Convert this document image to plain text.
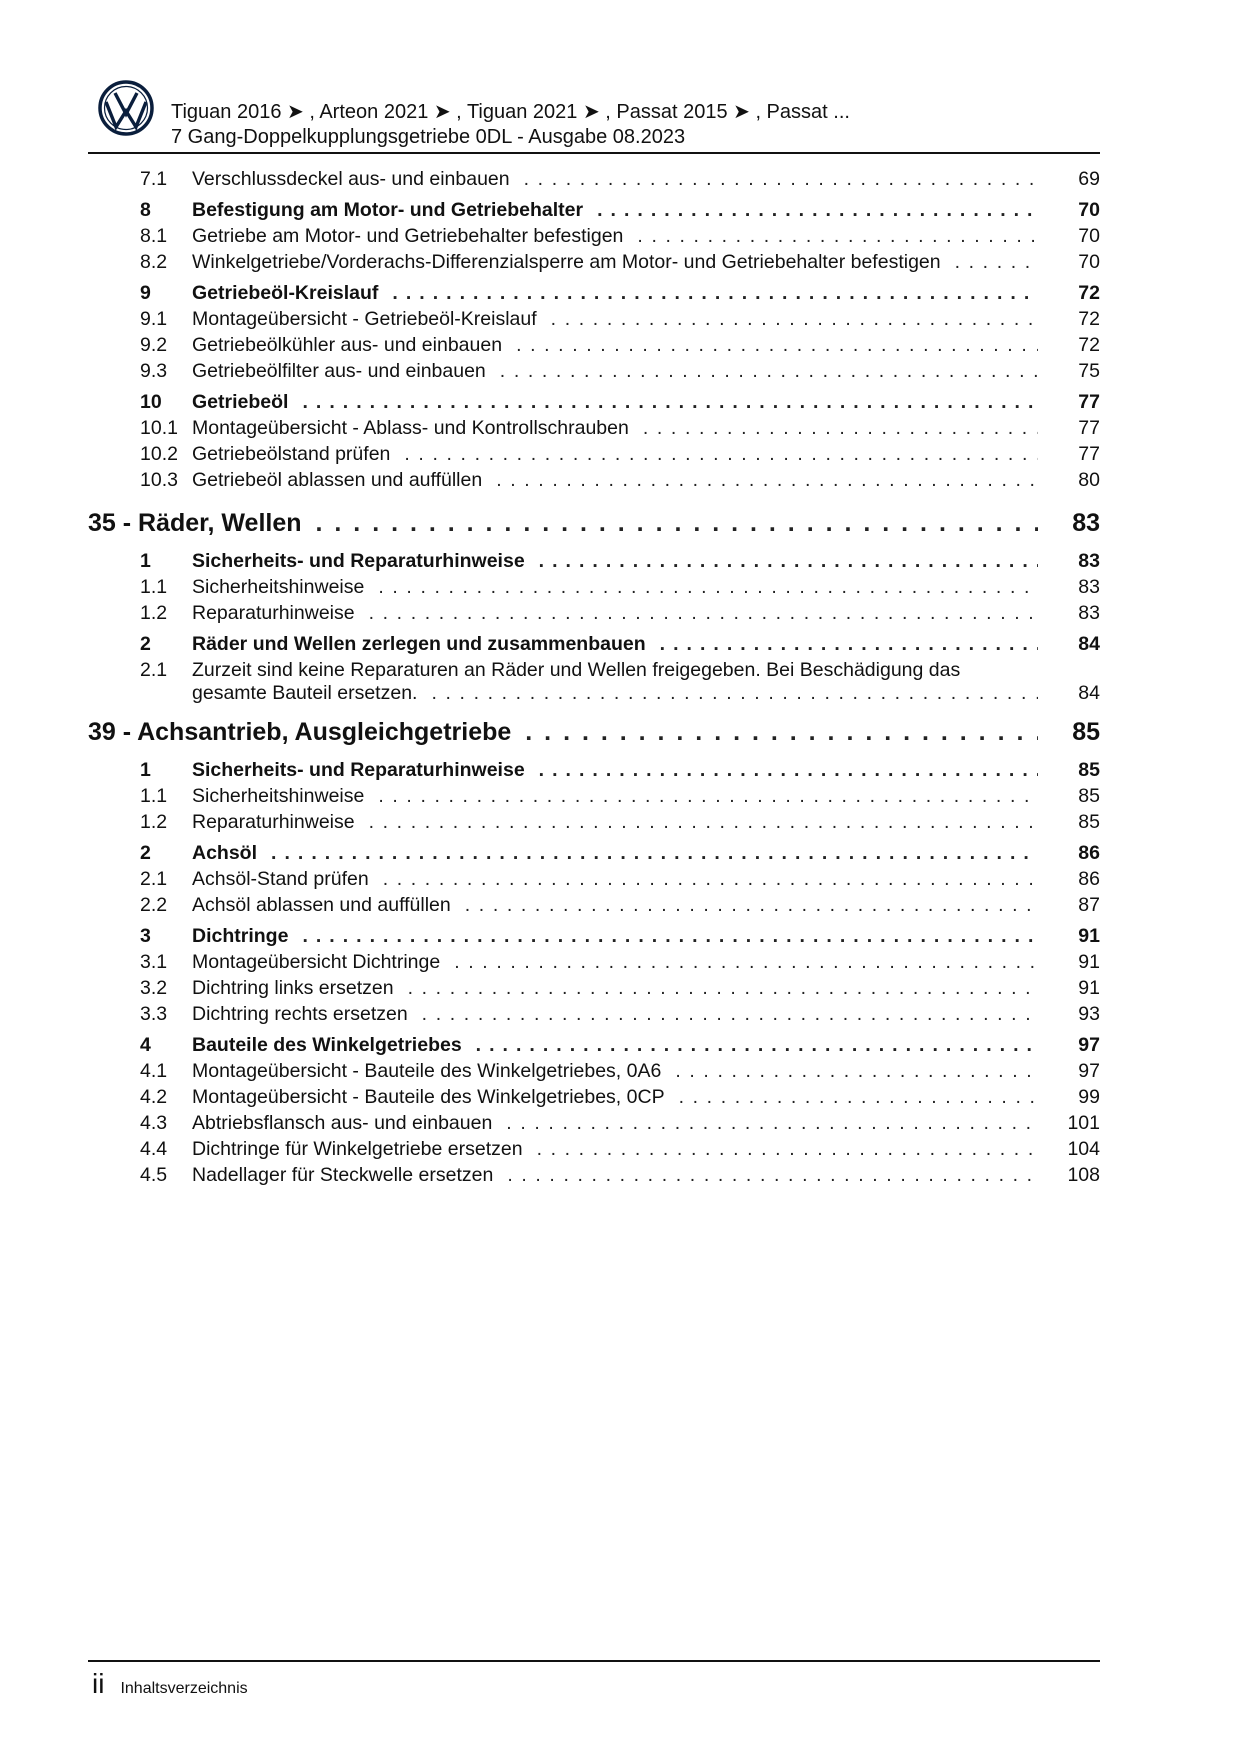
Tiguan 2016 ➤ , Arteon 2021 ➤ , Tiguan 2021 ➤ , Passat 2015 ➤ , Passat ...
7 Gang-Doppelkupplungsgetriebe 0DL - Ausgabe 08.2023
7.1	Verschlussdeckel aus- und einbauen . . .	69
8	Befestigung am Motor- und Getriebehalter . . .	70
8.1	Getriebe am Motor- und Getriebehalter befestigen . . .	70
8.2	Winkelgetriebe/Vorderachs-Differenzialsperre am Motor- und Getriebehalter befestigen . . .	70
9	Getriebeöl-Kreislauf . . .	72
9.1	Montageübersicht - Getriebeöl-Kreislauf . . .	72
9.2	Getriebeölkühler aus- und einbauen . . .	72
9.3	Getriebeölfilter aus- und einbauen . . .	75
10	Getriebeöl . . .	77
10.1 Montageübersicht - Ablass- und Kontrollschrauben . . .	77
10.2 Getriebeölstand prüfen . . .	77
10.3 Getriebeöl ablassen und auffüllen . . .	80
35 - Räder, Wellen . . .	83
1	Sicherheits- und Reparaturhinweise . . .	83
1.1	Sicherheitshinweise . . .	83
1.2	Reparaturhinweise . . .	83
2	Räder und Wellen zerlegen und zusammenbauen . . .	84
2.1	Zurzeit sind keine Reparaturen an Räder und Wellen freigegeben. Bei Beschädigung das
gesamte Bauteil ersetzen. . . .	84
39 - Achsantrieb, Ausgleichgetriebe . . .	85
1	Sicherheits- und Reparaturhinweise . . .	85
1.1	Sicherheitshinweise . . .	85
1.2	Reparaturhinweise . . .	85
2	Achsöl . . .	86
2.1	Achsöl-Stand prüfen . . .	86
2.2	Achsöl ablassen und auffüllen . . .	87
3	Dichtringe . . .	91
3.1	Montageübersicht Dichtringe . . .	91
3.2	Dichtring links ersetzen . . .	91
3.3	Dichtring rechts ersetzen . . .	93
4	Bauteile des Winkelgetriebes . . .	97
4.1	Montageübersicht - Bauteile des Winkelgetriebes, 0A6 . . .	97
4.2	Montageübersicht - Bauteile des Winkelgetriebes, 0CP . . .	99
4.3	Abtriebsflansch aus- und einbauen . . .	101
4.4	Dichtringe für Winkelgetriebe ersetzen . . .	104
4.5	Nadellager für Steckwelle ersetzen . . .	108
ii Inhaltsverzeichnis
